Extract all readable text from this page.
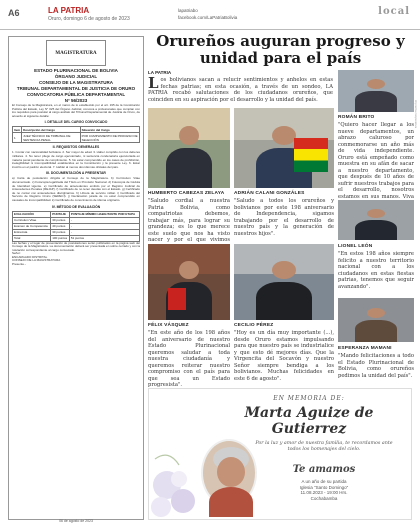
A6	LA PATRIA
Oruro, domingo 6 de agosto de 2023
lapatriabo
facebook.com/LaPatriaBolivia
local
MAGISTRATURA
ESTADO PLURINACIONAL DE BOLIVIA
ÓRGANO JUDICIAL
CONSEJO DE LA MAGISTRATURA
TRIBUNAL DEPARTAMENTAL DE JUSTICIA DE ORURO
CONVOCATORIA PÚBLICA DEPARTAMENTAL
N° 56/2023

El Consejo de la Magistratura, en el marco de lo establecido por el art. 195 de la Constitución Política del Estado, Ley N° 025 del Órgano Judicial, convoca a profesionales que cumplan con los requisitos para postular al cargo acéfalo del Tribunal Departamental de Justicia de Oruro, de acuerdo al siguiente detalle:

I. DETALLE DEL CARGO CONVOCADO
Item	Descripción del Cargo	Situación del Cargo
1	JUEZ TÉCNICO DE TRIBUNAL DE SENTENCIA PENAL	POR CUMPLIMIENTO DE PROCESO DE SELECCIÓN
II. REQUISITOS GENERALES

1. Contar con nacionalidad boliviana. 2. Ser mayor de edad. 3. Haber cumplido con los deberes militares. 4. No tener pliego de cargo ejecutoriado, ni sentencia condenatoria ejecutoriada en materia penal pendiente de cumplimiento. 5. No estar comprendido en los casos de prohibición, inelegibilidad ni incompatibilidad establecidos en la Constitución y la presente Ley. 6. Estar inscrito en el padrón electoral. 7. Hablar al menos dos idiomas oficiales del país.

III. DOCUMENTACIÓN A PRESENTAR

a) Carta de postulación dirigida al Consejo de la Magistratura. b) Currículum Vitae documentado. c) Fotocopia legalizada del Título en Provisión Nacional. d) Fotocopia de Cédula de Identidad vigente. e) Certificado de antecedentes emitido por el Registro Judicial de Antecedentes Penales (REJAP). f) Certificado de no tener deudas con el Estado. g) Certificado de no contar con antecedentes disciplinarios. h) Libreta de servicio militar. i) Certificado del Servicio de Registro Cívico (SERECÍ). j) Declaración jurada de no estar comprendido en causales de incompatibilidad. k) Certificado de conocimiento de idioma originario.

IV. MÉTODO DE EVALUACIÓN
EVALUACIÓN	PUNTAJE	PUNTAJE MÍNIMO HABILITANTE POR ETAPA
Currículum Vitae	30 puntos	-
Examen de Competencia	40 puntos	-
Entrevista	30 puntos	-
Total	100 puntos	51 puntos

Las fechas y el lugar de presentación de postulaciones serán publicados en la página web del Consejo de la Magistratura. La documentación deberá ser presentada en sobre cerrado y con la rotulación correspondiente al cargo convocado.

Señor:

ENCARGADO DISTRITAL

CONSEJO DE LA MAGISTRATURA

Presente.-

06 de agosto de 2023
Orureños auguran progreso y unidad para el país
LA PATRIA
Los bolivianos sacan a relucir sentimientos y anhelos en estas fechas patrias; en esta ocasión, a través de un sondeo, LA PATRIA recabó salutaciones de los ciudadanos orureños, que coinciden en su aspiración por el desarrollo y la unidad del país.
ROMÁN BRITO
"Quiero hacer llegar a los nueve departamentos, un abrazo caluroso por conmemorarse un año más de vida independiente. Oruro está empeñado como muestra en su afán de sacar a nuestro departamento, que después de 10 años de sufrir nuestros trabajos para el desarrollo, nosotros estamos en sus manos. Viva
HUMBERTO CABEZAS ZELAYA
"Saludo cordial a nuestra Patria Bolivia, como compatriotas debemos, trabajar más, para lograr su grandeza; es lo que merece este suelo que nos ha visto nacer y por el que vivimos
ADRIÁN CALANI GONZÁLES
"Saludo a todos los orureños y bolivianos por este 198 aniversario de Independencia, sigamos trabajando por el desarrollo de nuestro país y la generación de nuestros hijos".
FÉLIX VÁSQUEZ
"En este año de los 198 años del aniversario de nuestro Estado Plurinacional queremos saludar a toda nuestra ciudadanía y queremos reiterar nuestro compromiso con el país para que sea un Estado progresista".
CECILIO PÉREZ
"Hoy es un día muy importante (...), desde Oruro estamos impulsando para que nuestro país se industrialice y que esto dé mejores días. Que la Virgencita del Socavón y nuestro Señor siempre bendiga a los bolivianos. Muchas felicidades en este 6 de agosto".
LIONEL LEÓN
"En estos 198 años siempre felicito a nuestro territorio nacional con a los ciudadanos en estas fiestas patrias, tenemos que seguir avanzando".
ESPERANZA MAMANI
"Mando felicitaciones a todo el Estado Plurinacional de Bolivia, como orureños pedimos la unidad del país".
EN MEMORIA DE:
Marta Aguize de Gutierrez
Por la luz y amor de nuestra familia, te recordamos ante todos los homenajes del cielo.
Te amamos
A un año de su partida
Iglesia "Santo Domingo"
11.08.2023 - 19:00 Hrs.
Cochabamba
imprenta cooperativa
